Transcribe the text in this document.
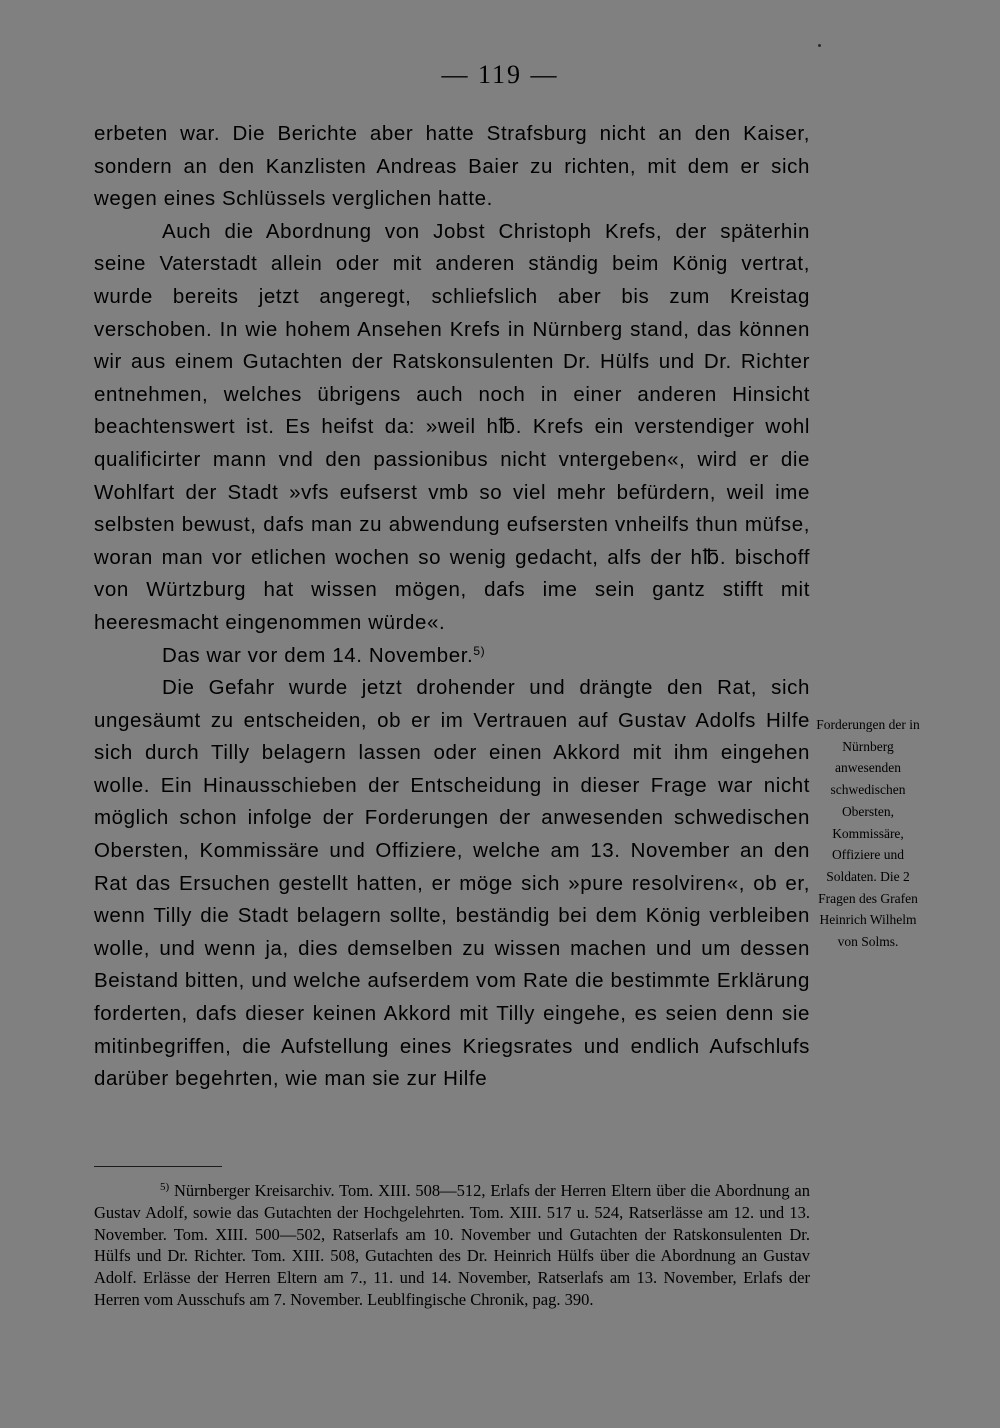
— 119 —

erbeten war. Die Berichte aber hatte Strafsburg nicht an den Kaiser, sondern an den Kanzlisten Andreas Baier zu richten, mit dem er sich wegen eines Schlüssels verglichen hatte.

Auch die Abordnung von Jobst Christoph Krefs, der späterhin seine Vaterstadt allein oder mit anderen ständig beim König vertrat, wurde bereits jetzt angeregt, schliefslich aber bis zum Kreistag verschoben. In wie hohem Ansehen Krefs in Nürnberg stand, das können wir aus einem Gutachten der Ratskonsulenten Dr. Hülfs und Dr. Richter entnehmen, welches übrigens auch noch in einer anderen Hinsicht beachtenswert ist. Es heifst da: »weil h℔. Krefs ein verstendiger wohl qualificirter mann vnd den passionibus nicht vntergeben«, wird er die Wohlfart der Stadt »vfs eufserst vmb so viel mehr befürdern, weil ime selbsten bewust, dafs man zu abwendung eufsersten vnheilfs thun müfse, woran man vor etlichen wochen so wenig gedacht, alfs der h℔. bischoff von Würtzburg hat wissen mögen, dafs ime sein gantz stifft mit heeresmacht eingenommen würde«.

Das war vor dem 14. November.$^{5)}$

Die Gefahr wurde jetzt drohender und drängte den Rat, sich ungesäumt zu entscheiden, ob er im Vertrauen auf Gustav Adolfs Hilfe sich durch Tilly belagern lassen oder einen Akkord mit ihm eingehen wolle. Ein Hinausschieben der Entscheidung in dieser Frage war nicht möglich schon infolge der Forderungen der anwesenden schwedischen Obersten, Kommissäre und Offiziere, welche am 13. November an den Rat das Ersuchen gestellt hatten, er möge sich »pure resolviren«, ob er, wenn Tilly die Stadt belagern sollte, beständig bei dem König verbleiben wolle, und wenn ja, dies demselben zu wissen machen und um dessen Beistand bitten, und welche aufserdem vom Rate die bestimmte Erklärung forderten, dafs dieser keinen Akkord mit Tilly eingehe, es seien denn sie mitinbegriffen, die Aufstellung eines Kriegsrates und endlich Aufschlufs darüber begehrten, wie man sie zur Hilfe

Forderungen der in Nürnberg anwesenden schwedischen Obersten, Kommissäre, Offiziere und Soldaten. Die 2 Fragen des Grafen Heinrich Wilhelm von Solms.

$^{5)}$ Nürnberger Kreisarchiv. Tom. XIII. 508—512, Erlafs der Herren Eltern über die Abordnung an Gustav Adolf, sowie das Gutachten der Hochgelehrten. Tom. XIII. 517 u. 524, Ratserlässe am 12. und 13. November. Tom. XIII. 500—502, Ratserlafs am 10. November und Gutachten der Ratskonsulenten Dr. Hülfs und Dr. Richter. Tom. XIII. 508, Gutachten des Dr. Heinrich Hülfs über die Abordnung an Gustav Adolf. Erlässe der Herren Eltern am 7., 11. und 14. November, Ratserlafs am 13. November, Erlafs der Herren vom Ausschufs am 7. November. Leublfingische Chronik, pag. 390.
